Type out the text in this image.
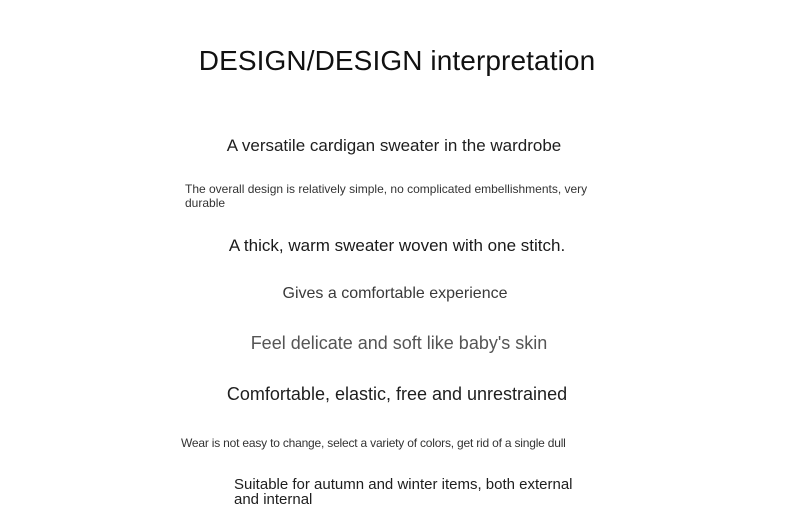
DESIGN/DESIGN interpretation

A versatile cardigan sweater in the wardrobe

The overall design is relatively simple, no complicated embellishments, very durable

A thick, warm sweater woven with one stitch.

Gives a comfortable experience

Feel delicate and soft like baby's skin

Comfortable, elastic, free and unrestrained

Wear is not easy to change, select a variety of colors, get rid of a single dull

Suitable for autumn and winter items, both external and internal
